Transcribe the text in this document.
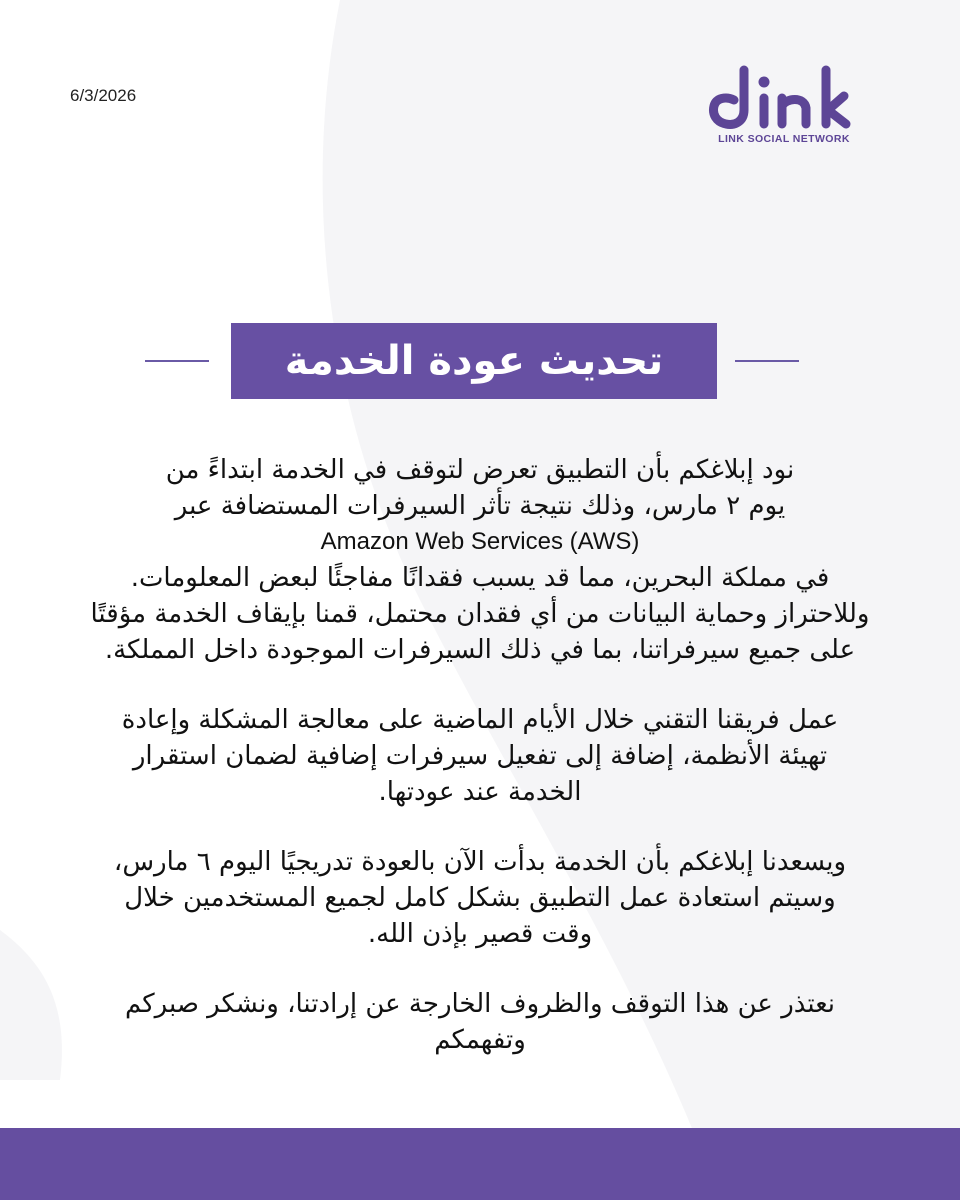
6/3/2026
LINK SOCIAL NETWORK
تحديث عودة الخدمة
نود إبلاغكم بأن التطبيق تعرض لتوقف في الخدمة ابتداءً من
يوم ٢ مارس، وذلك نتيجة تأثر السيرفرات المستضافة عبر
Amazon Web Services (AWS)
في مملكة البحرين، مما قد يسبب فقدانًا مفاجئًا لبعض المعلومات.
وللاحتراز وحماية البيانات من أي فقدان محتمل، قمنا بإيقاف الخدمة مؤقتًا
على جميع سيرفراتنا، بما في ذلك السيرفرات الموجودة داخل المملكة.
عمل فريقنا التقني خلال الأيام الماضية على معالجة المشكلة وإعادة
تهيئة الأنظمة، إضافة إلى تفعيل سيرفرات إضافية لضمان استقرار
الخدمة عند عودتها.
ويسعدنا إبلاغكم بأن الخدمة بدأت الآن بالعودة تدريجيًا اليوم ٦ مارس،
وسيتم استعادة عمل التطبيق بشكل كامل لجميع المستخدمين خلال
وقت قصير بإذن الله.
نعتذر عن هذا التوقف والظروف الخارجة عن إرادتنا، ونشكر صبركم
وتفهمكم
